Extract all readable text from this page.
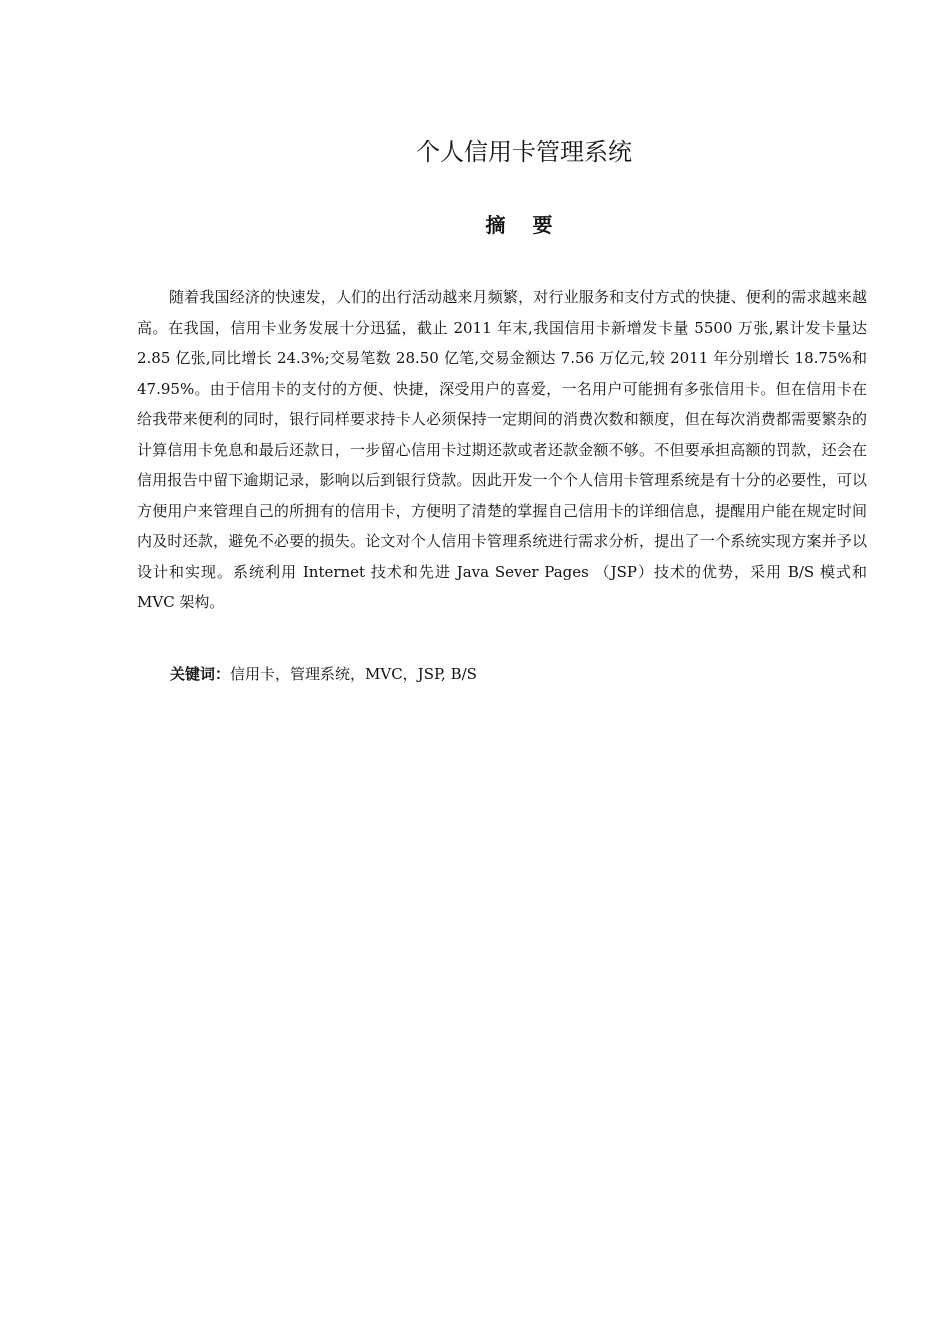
个人信用卡管理系统
摘 要

随着我国经济的快速发，人们的出行活动越来月频繁，对行业服务和支付方式的快捷、便利的需求越来越高。在我国，信用卡业务发展十分迅猛，截止 2011 年末,我国信用卡新增发卡量 5500 万张,累计发卡量达 2.85 亿张,同比增长 24.3%;交易笔数 28.50 亿笔,交易金额达 7.56 万亿元,较 2011 年分别增长 18.75%和 47.95%。由于信用卡的支付的方便、快捷，深受用户的喜爱，一名用户可能拥有多张信用卡。但在信用卡在给我带来便利的同时，银行同样要求持卡人必须保持一定期间的消费次数和额度，但在每次消费都需要繁杂的计算信用卡免息和最后还款日，一步留心信用卡过期还款或者还款金额不够。不但要承担高额的罚款，还会在信用报告中留下逾期记录，影响以后到银行贷款。因此开发一个个人信用卡管理系统是有十分的必要性，可以方便用户来管理自己的所拥有的信用卡，方便明了清楚的掌握自己信用卡的详细信息，提醒用户能在规定时间内及时还款，避免不必要的损失。论文对个人信用卡管理系统进行需求分析，提出了一个系统实现方案并予以设计和实现。系统利用 Internet 技术和先进 Java Sever Pages （JSP）技术的优势，采用 B/S 模式和 MVC 架构。

关键词：信用卡，管理系统，MVC，JSP, B/S
